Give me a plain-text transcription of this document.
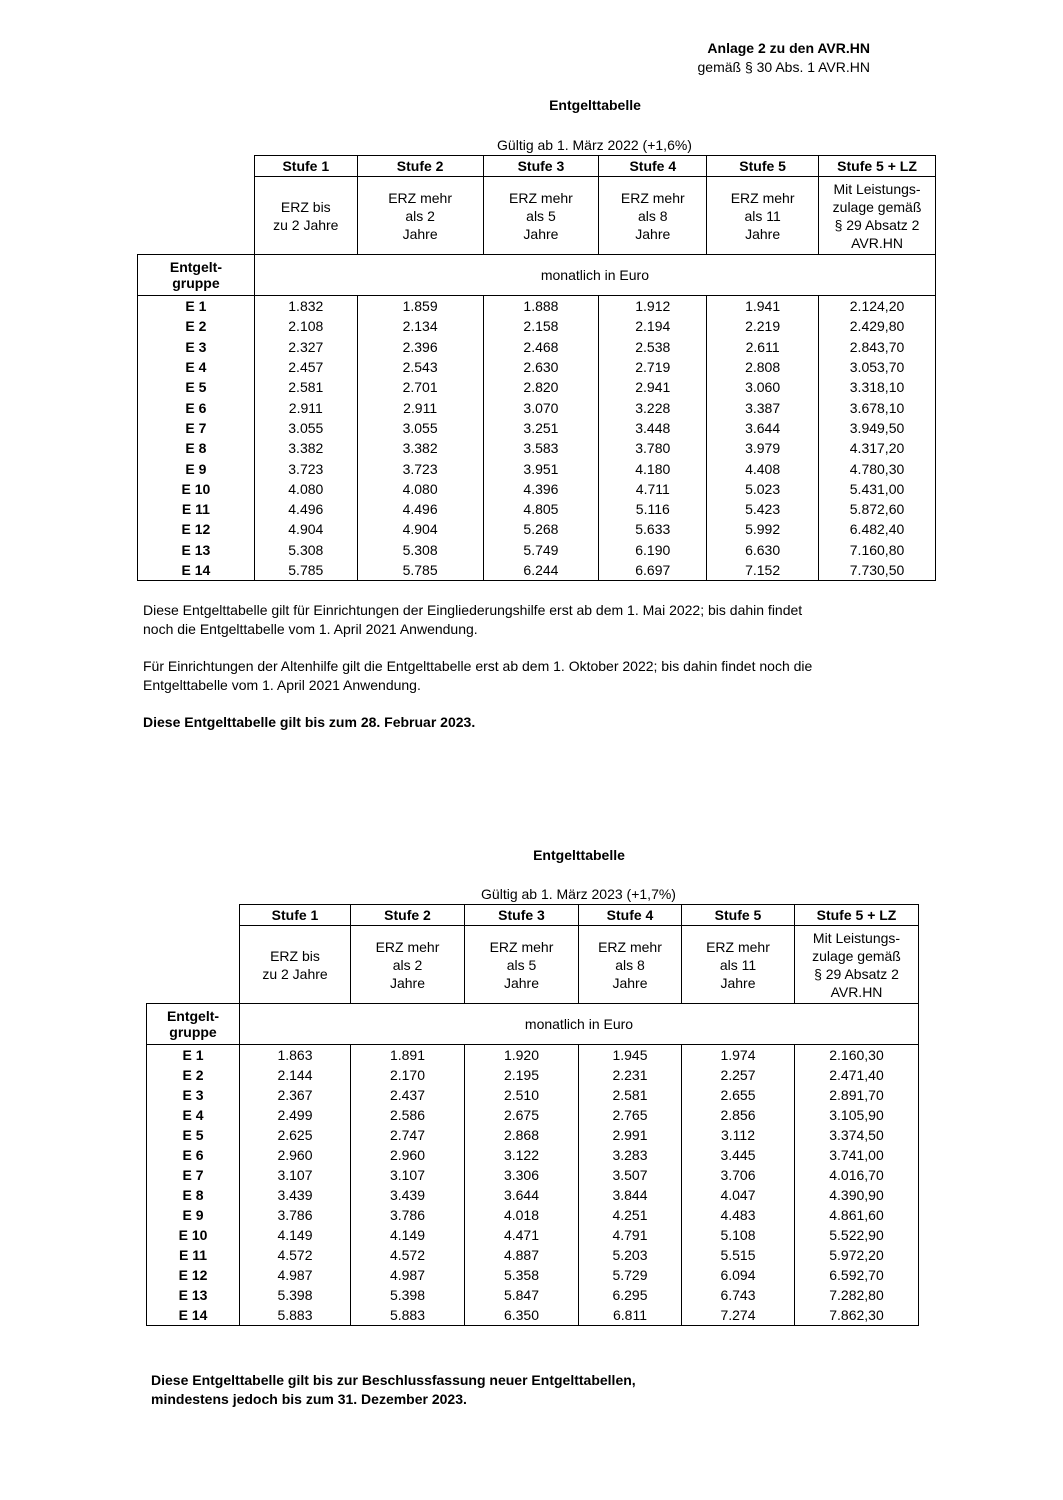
Anlage 2 zu den AVR.HN
gemäß § 30 Abs. 1 AVR.HN
Entgelttabelle
Gültig ab 1. März 2022 (+1,6%)
	Stufe 1	Stufe 2	Stufe 3	Stufe 4	Stufe 5	Stufe 5 + LZ
	ERZ bis
zu 2 Jahre	ERZ mehr
als 2
Jahre	ERZ mehr
als 5
Jahre	ERZ mehr
als 8
Jahre	ERZ mehr
als 11
Jahre	Mit Leistungs-
zulage gemäß
§ 29 Absatz 2
AVR.HN
Entgelt-
gruppe	monatlich in Euro					
E 1	1.832	1.859	1.888	1.912	1.941	2.124,20
E 2	2.108	2.134	2.158	2.194	2.219	2.429,80
E 3	2.327	2.396	2.468	2.538	2.611	2.843,70
E 4	2.457	2.543	2.630	2.719	2.808	3.053,70
E 5	2.581	2.701	2.820	2.941	3.060	3.318,10
E 6	2.911	2.911	3.070	3.228	3.387	3.678,10
E 7	3.055	3.055	3.251	3.448	3.644	3.949,50
E 8	3.382	3.382	3.583	3.780	3.979	4.317,20
E 9	3.723	3.723	3.951	4.180	4.408	4.780,30
E 10	4.080	4.080	4.396	4.711	5.023	5.431,00
E 11	4.496	4.496	4.805	5.116	5.423	5.872,60
E 12	4.904	4.904	5.268	5.633	5.992	6.482,40
E 13	5.308	5.308	5.749	6.190	6.630	7.160,80
E 14	5.785	5.785	6.244	6.697	7.152	7.730,50
Diese Entgelttabelle gilt für Einrichtungen der Eingliederungshilfe erst ab dem 1. Mai 2022; bis dahin findet
noch die Entgelttabelle vom 1. April 2021 Anwendung.
Für Einrichtungen der Altenhilfe gilt die Entgelttabelle erst ab dem 1. Oktober 2022; bis dahin findet noch die
Entgelttabelle vom 1. April 2021 Anwendung.
Diese Entgelttabelle gilt bis zum 28. Februar 2023.
Entgelttabelle
Gültig ab 1. März 2023 (+1,7%)
	Stufe 1	Stufe 2	Stufe 3	Stufe 4	Stufe 5	Stufe 5 + LZ
	ERZ bis
zu 2 Jahre	ERZ mehr
als 2
Jahre	ERZ mehr
als 5
Jahre	ERZ mehr
als 8
Jahre	ERZ mehr
als 11
Jahre	Mit Leistungs-
zulage gemäß
§ 29 Absatz 2
AVR.HN
Entgelt-
gruppe	monatlich in Euro					
E 1	1.863	1.891	1.920	1.945	1.974	2.160,30
E 2	2.144	2.170	2.195	2.231	2.257	2.471,40
E 3	2.367	2.437	2.510	2.581	2.655	2.891,70
E 4	2.499	2.586	2.675	2.765	2.856	3.105,90
E 5	2.625	2.747	2.868	2.991	3.112	3.374,50
E 6	2.960	2.960	3.122	3.283	3.445	3.741,00
E 7	3.107	3.107	3.306	3.507	3.706	4.016,70
E 8	3.439	3.439	3.644	3.844	4.047	4.390,90
E 9	3.786	3.786	4.018	4.251	4.483	4.861,60
E 10	4.149	4.149	4.471	4.791	5.108	5.522,90
E 11	4.572	4.572	4.887	5.203	5.515	5.972,20
E 12	4.987	4.987	5.358	5.729	6.094	6.592,70
E 13	5.398	5.398	5.847	6.295	6.743	7.282,80
E 14	5.883	5.883	6.350	6.811	7.274	7.862,30
Diese Entgelttabelle gilt bis zur Beschlussfassung neuer Entgelttabellen,
mindestens jedoch bis zum 31. Dezember 2023.
